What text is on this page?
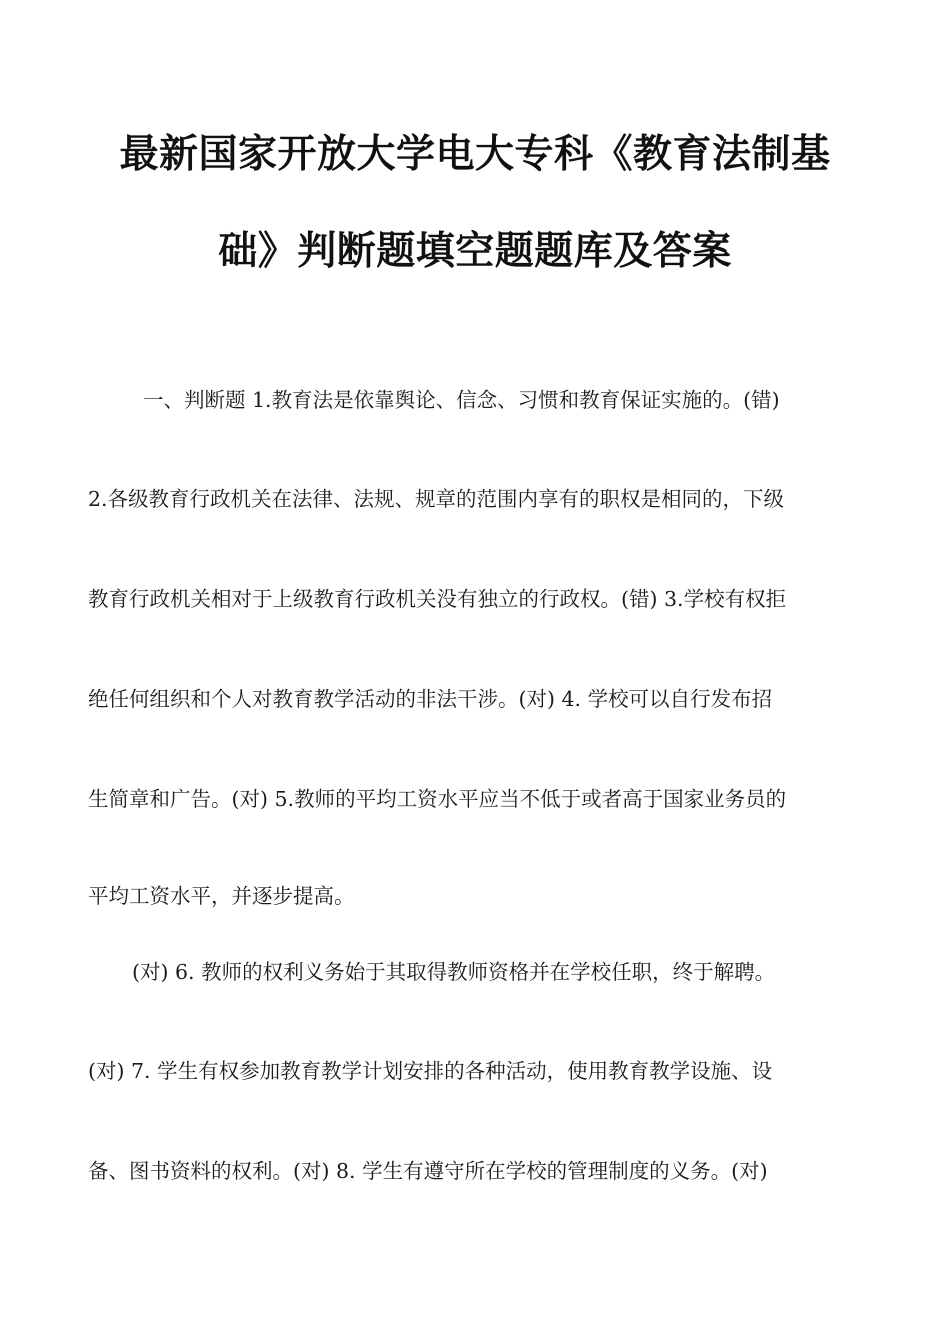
最新国家开放大学电大专科《教育法制基
础》判断题填空题题库及答案

一、判断题 1.教育法是依靠舆论、信念、习惯和教育保证实施的。(错)

2.各级教育行政机关在法律、法规、规章的范围内享有的职权是相同的，下级

教育行政机关相对于上级教育行政机关没有独立的行政权。(错) 3.学校有权拒

绝任何组织和个人对教育教学活动的非法干涉。(对) 4. 学校可以自行发布招

生简章和广告。(对) 5.教师的平均工资水平应当不低于或者高于国家业务员的

平均工资水平，并逐步提高。

(对) 6. 教师的权利义务始于其取得教师资格并在学校任职，终于解聘。

(对) 7. 学生有权参加教育教学计划安排的各种活动，使用教育教学设施、设

备、图书资料的权利。(对) 8. 学生有遵守所在学校的管理制度的义务。(对)
